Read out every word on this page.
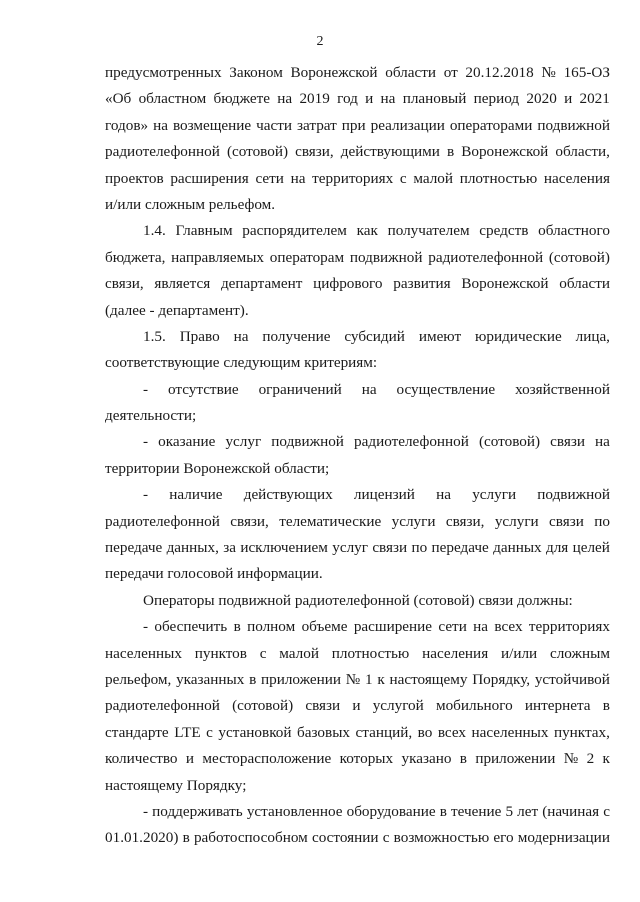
2
предусмотренных Законом Воронежской области от 20.12.2018 № 165-ОЗ
«Об областном бюджете на 2019 год и на плановый период 2020 и 2021
годов» на возмещение части затрат при реализации операторами подвижной
радиотелефонной (сотовой) связи, действующими в Воронежской области,
проектов расширения сети на территориях с малой плотностью населения
и/или сложным рельефом.
1.4. Главным распорядителем как получателем средств областного
бюджета, направляемых операторам подвижной радиотелефонной (сотовой)
связи, является департамент цифрового развития Воронежской области
(далее - департамент).
1.5. Право на получение субсидий имеют юридические лица,
соответствующие следующим критериям:
- отсутствие ограничений на осуществление хозяйственной
деятельности;
- оказание услуг подвижной радиотелефонной (сотовой) связи на
территории Воронежской области;
- наличие действующих лицензий на услуги подвижной
радиотелефонной связи, телематические услуги связи, услуги связи по
передаче данных, за исключением услуг связи по передаче данных для целей
передачи голосовой информации.
Операторы подвижной радиотелефонной (сотовой) связи должны:
- обеспечить в полном объеме расширение сети на всех территориях
населенных пунктов с малой плотностью населения и/или сложным
рельефом, указанных в приложении № 1 к настоящему Порядку, устойчивой
радиотелефонной (сотовой) связи и услугой мобильного интернета в
стандарте LTE с установкой базовых станций, во всех населенных пунктах,
количество и месторасположение которых указано в приложении № 2 к
настоящему Порядку;
- поддерживать установленное оборудование в течение 5 лет (начиная с
01.01.2020) в работоспособном состоянии с возможностью его модернизации
